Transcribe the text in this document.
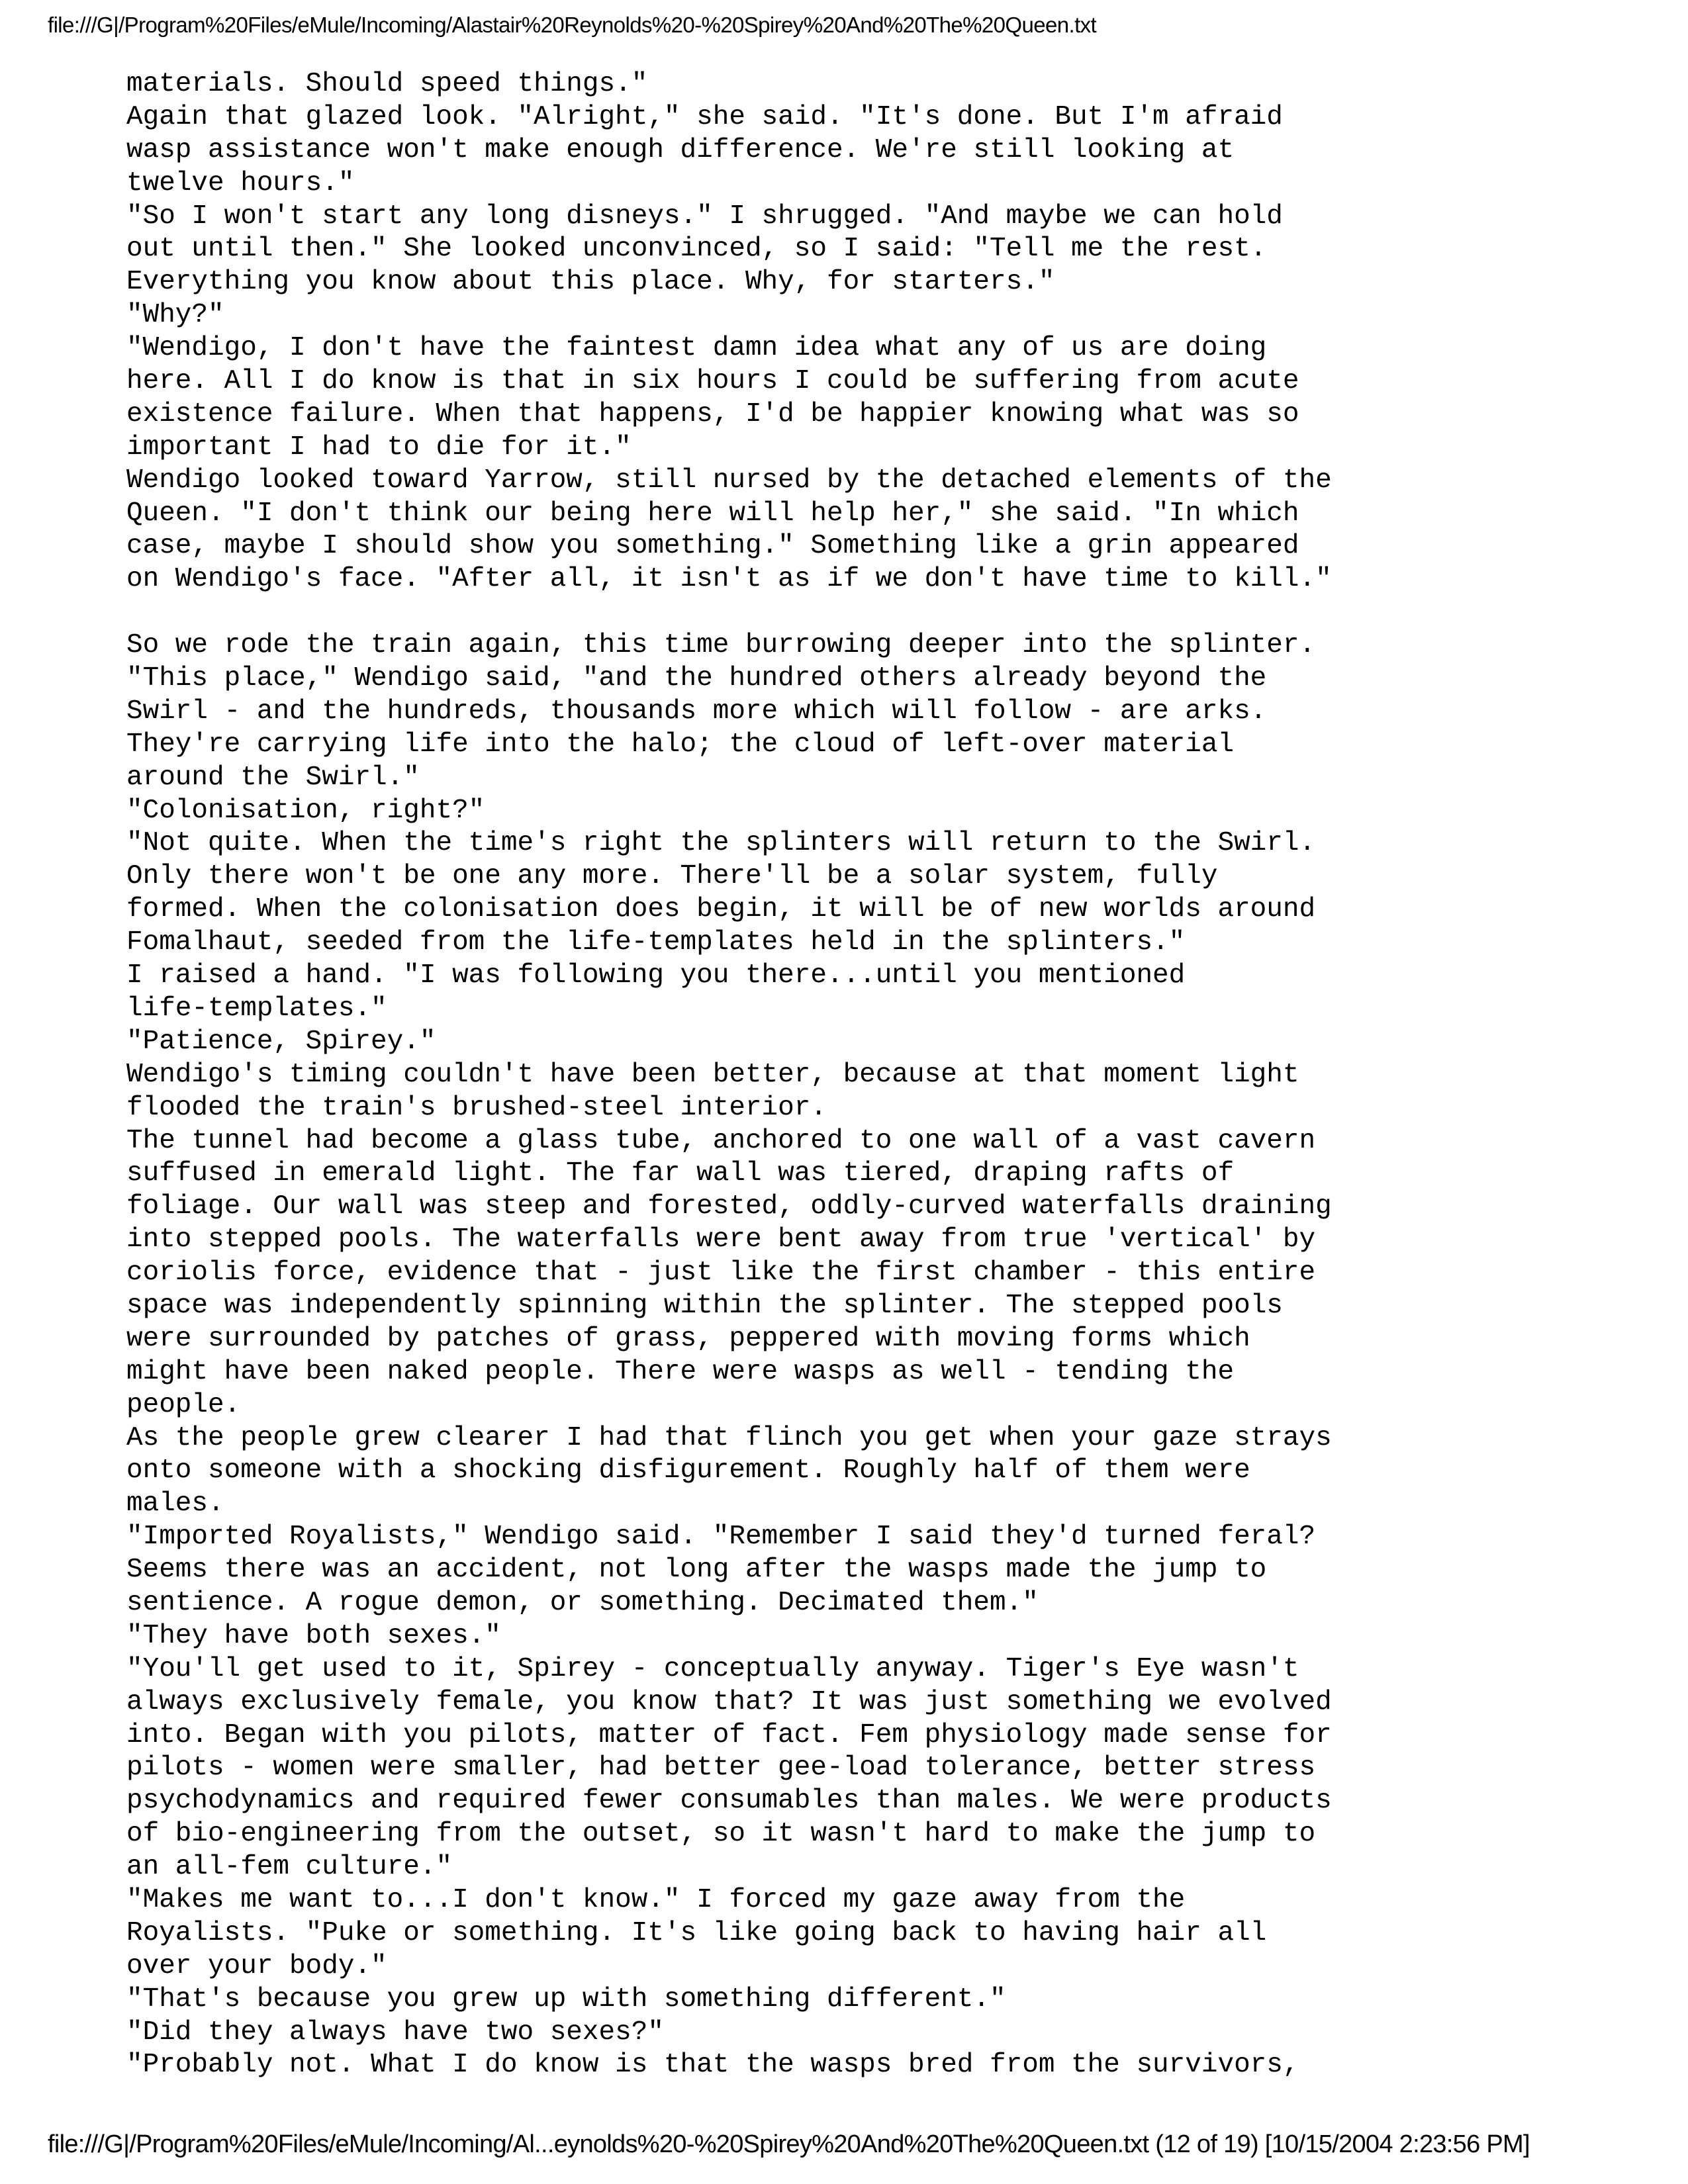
file:///G|/Program%20Files/eMule/Incoming/Alastair%20Reynolds%20-%20Spirey%20And%20The%20Queen.txt
materials. Should speed things."
Again that glazed look. "Alright," she said. "It's done. But I'm afraid
wasp assistance won't make enough difference. We're still looking at
twelve hours."
"So I won't start any long disneys." I shrugged. "And maybe we can hold
out until then." She looked unconvinced, so I said: "Tell me the rest.
Everything you know about this place. Why, for starters."
"Why?"
"Wendigo, I don't have the faintest damn idea what any of us are doing
here. All I do know is that in six hours I could be suffering from acute
existence failure. When that happens, I'd be happier knowing what was so
important I had to die for it."
Wendigo looked toward Yarrow, still nursed by the detached elements of the
Queen. "I don't think our being here will help her," she said. "In which
case, maybe I should show you something." Something like a grin appeared
on Wendigo's face. "After all, it isn't as if we don't have time to kill."
So we rode the train again, this time burrowing deeper into the splinter.
"This place," Wendigo said, "and the hundred others already beyond the
Swirl - and the hundreds, thousands more which will follow - are arks.
They're carrying life into the halo; the cloud of left-over material
around the Swirl."
"Colonisation, right?"
"Not quite. When the time's right the splinters will return to the Swirl.
Only there won't be one any more. There'll be a solar system, fully
formed. When the colonisation does begin, it will be of new worlds around
Fomalhaut, seeded from the life-templates held in the splinters."
I raised a hand. "I was following you there...until you mentioned
life-templates."
"Patience, Spirey."
Wendigo's timing couldn't have been better, because at that moment light
flooded the train's brushed-steel interior.
The tunnel had become a glass tube, anchored to one wall of a vast cavern
suffused in emerald light. The far wall was tiered, draping rafts of
foliage. Our wall was steep and forested, oddly-curved waterfalls draining
into stepped pools. The waterfalls were bent away from true 'vertical' by
coriolis force, evidence that - just like the first chamber - this entire
space was independently spinning within the splinter. The stepped pools
were surrounded by patches of grass, peppered with moving forms which
might have been naked people. There were wasps as well - tending the
people.
As the people grew clearer I had that flinch you get when your gaze strays
onto someone with a shocking disfigurement. Roughly half of them were
males.
"Imported Royalists," Wendigo said. "Remember I said they'd turned feral?
Seems there was an accident, not long after the wasps made the jump to
sentience. A rogue demon, or something. Decimated them."
"They have both sexes."
"You'll get used to it, Spirey - conceptually anyway. Tiger's Eye wasn't
always exclusively female, you know that? It was just something we evolved
into. Began with you pilots, matter of fact. Fem physiology made sense for
pilots - women were smaller, had better gee-load tolerance, better stress
psychodynamics and required fewer consumables than males. We were products
of bio-engineering from the outset, so it wasn't hard to make the jump to
an all-fem culture."
"Makes me want to...I don't know." I forced my gaze away from the
Royalists. "Puke or something. It's like going back to having hair all
over your body."
"That's because you grew up with something different."
"Did they always have two sexes?"
"Probably not. What I do know is that the wasps bred from the survivors,
file:///G|/Program%20Files/eMule/Incoming/Al...eynolds%20-%20Spirey%20And%20The%20Queen.txt (12 of 19) [10/15/2004 2:23:56 PM]
